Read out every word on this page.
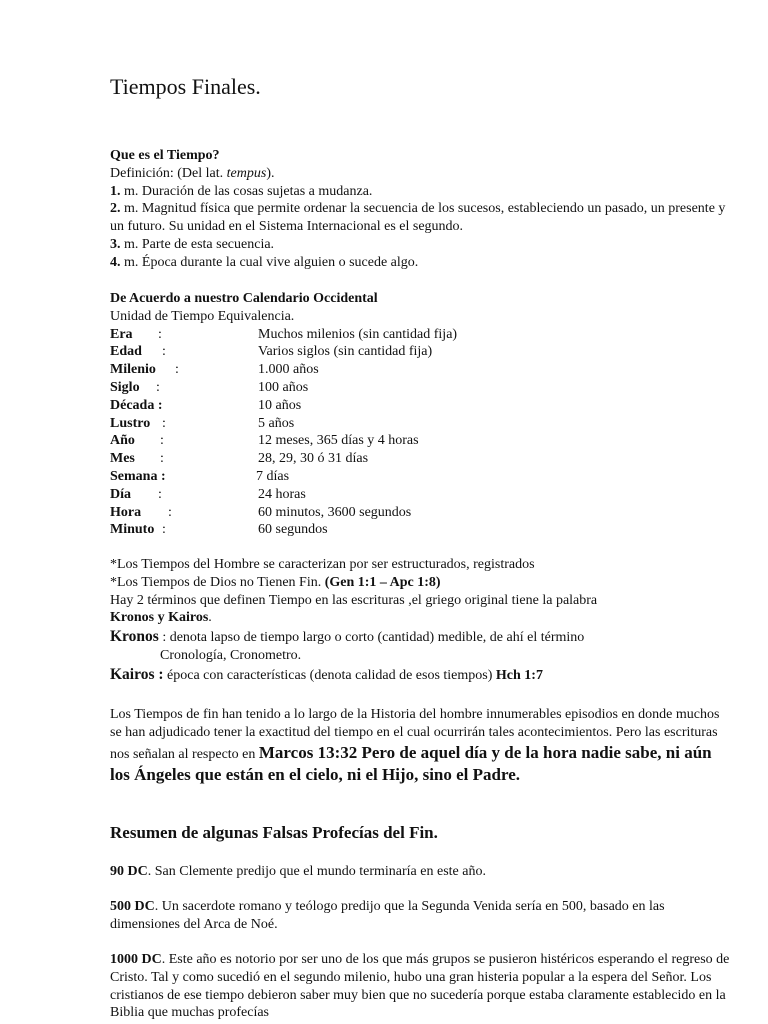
Tiempos Finales.
Que es el Tiempo?
Definición: (Del lat. tempus).
1. m. Duración de las cosas sujetas a mudanza.
2. m. Magnitud física que permite ordenar la secuencia de los sucesos, estableciendo un pasado, un presente y un futuro. Su unidad en el Sistema Internacional es el segundo.
3. m. Parte de esta secuencia.
4. m. Época durante la cual vive alguien o sucede algo.
De Acuerdo a nuestro Calendario Occidental
Unidad de Tiempo Equivalencia.
Era :	Muchos milenios (sin cantidad fija)
Edad :	Varios siglos (sin cantidad fija)
Milenio :	1.000 años
Siglo :	100 años
Década :	10 años
Lustro :	5 años
Año :	12 meses, 365 días y 4 horas
Mes :	28, 29, 30 ó 31 días
Semana :	7 días
Día :	24 horas
Hora :	60 minutos, 3600 segundos
Minuto :	60 segundos
*Los Tiempos del Hombre se caracterizan por ser estructurados, registrados
*Los Tiempos de Dios no Tienen Fin. (Gen 1:1 – Apc 1:8)
Hay 2 términos que definen Tiempo en las escrituras ,el griego original tiene la palabra
Kronos y Kairos.
Kronos : denota lapso de tiempo largo o corto (cantidad) medible, de ahí el término
Cronología, Cronometro.
Kairos : época con características (denota calidad de esos tiempos) Hch 1:7
Los Tiempos de fin han tenido a lo largo de la Historia del hombre innumerables episodios en donde muchos se han adjudicado tener la exactitud del tiempo en el cual ocurrirán tales acontecimientos. Pero las escrituras nos señalan al respecto en Marcos 13:32 Pero de aquel día y de la hora nadie sabe, ni aún los Ángeles que están en el cielo, ni el Hijo, sino el Padre.
Resumen de algunas Falsas Profecías del Fin.
90 DC. San Clemente predijo que el mundo terminaría en este año.
500 DC. Un sacerdote romano y teólogo predijo que la Segunda Venida sería en 500, basado en las dimensiones del Arca de Noé.
1000 DC. Este año es notorio por ser uno de los que más grupos se pusieron histéricos esperando el regreso de Cristo. Tal y como sucedió en el segundo milenio, hubo una gran histeria popular a la espera del Señor. Los cristianos de ese tiempo debieron saber muy bien que no sucedería porque estaba claramente establecido en la Biblia que muchas profecías
